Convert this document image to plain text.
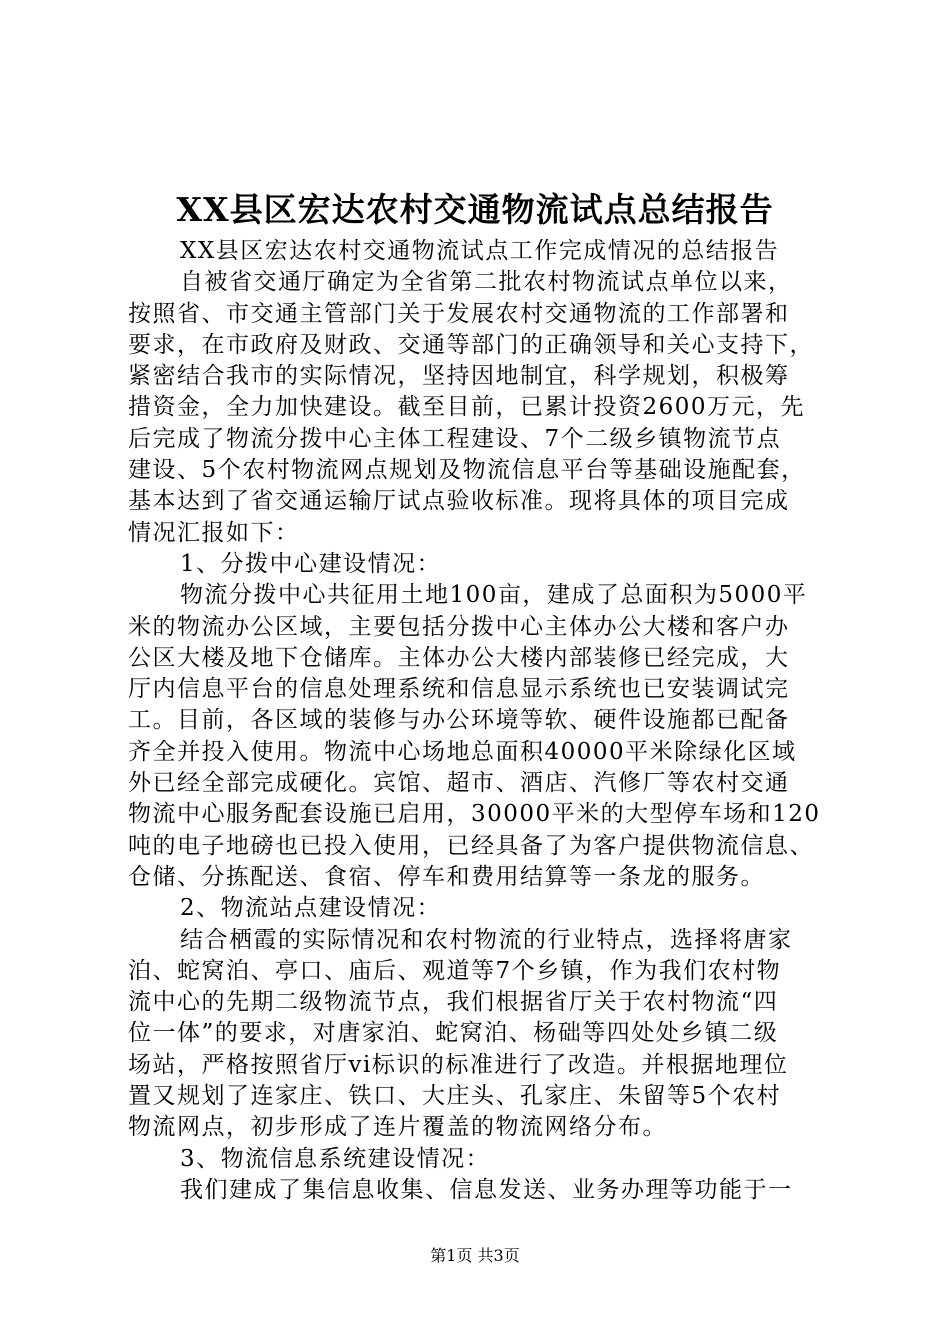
XX县区宏达农村交通物流试点总结报告
XX县区宏达农村交通物流试点工作完成情况的总结报告
自被省交通厅确定为全省第二批农村物流试点单位以来，
按照省、市交通主管部门关于发展农村交通物流的工作部署和
要求，在市政府及财政、交通等部门的正确领导和关心支持下，
紧密结合我市的实际情况，坚持因地制宜，科学规划，积极筹
措资金，全力加快建设。截至目前，已累计投资2600万元，先
后完成了物流分拨中心主体工程建设、7个二级乡镇物流节点
建设、5个农村物流网点规划及物流信息平台等基础设施配套，
基本达到了省交通运输厅试点验收标准。现将具体的项目完成
情况汇报如下：
1、分拨中心建设情况：
物流分拨中心共征用土地100亩，建成了总面积为5000平
米的物流办公区域，主要包括分拨中心主体办公大楼和客户办
公区大楼及地下仓储库。主体办公大楼内部装修已经完成，大
厅内信息平台的信息处理系统和信息显示系统也已安装调试完
工。目前，各区域的装修与办公环境等软、硬件设施都已配备
齐全并投入使用。物流中心场地总面积40000平米除绿化区域
外已经全部完成硬化。宾馆、超市、酒店、汽修厂等农村交通
物流中心服务配套设施已启用，30000平米的大型停车场和120
吨的电子地磅也已投入使用，已经具备了为客户提供物流信息、
仓储、分拣配送、食宿、停车和费用结算等一条龙的服务。
2、物流站点建设情况：
结合栖霞的实际情况和农村物流的行业特点，选择将唐家
泊、蛇窝泊、亭口、庙后、观道等7个乡镇，作为我们农村物
流中心的先期二级物流节点，我们根据省厅关于农村物流“四
位一体”的要求，对唐家泊、蛇窝泊、杨础等四处处乡镇二级
场站，严格按照省厅vi标识的标准进行了改造。并根据地理位
置又规划了连家庄、铁口、大庄头、孔家庄、朱留等5个农村
物流网点，初步形成了连片覆盖的物流网络分布。
3、物流信息系统建设情况：
我们建成了集信息收集、信息发送、业务办理等功能于一
第1页 共3页
